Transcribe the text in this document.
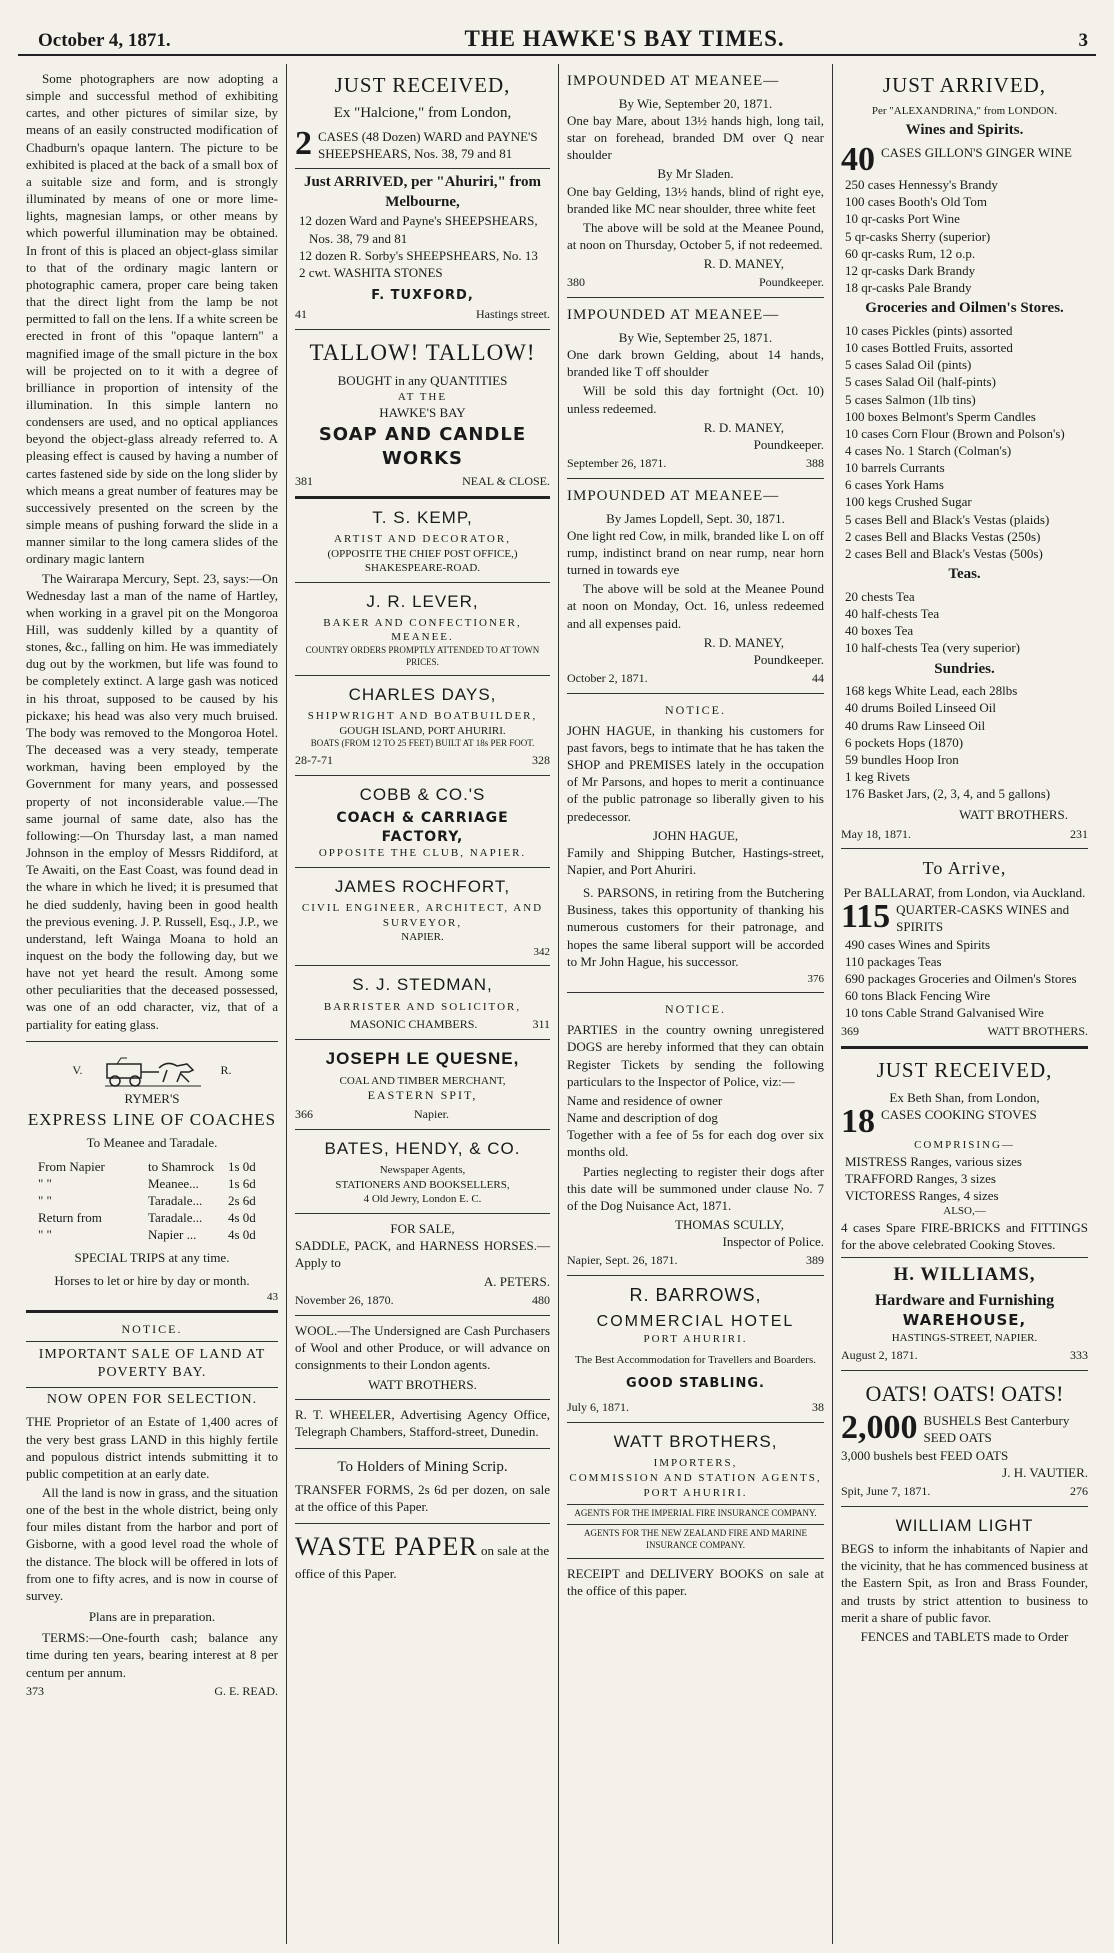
October 4, 1871.	THE HAWKE'S BAY TIMES.	3

Some photographers are now adopting a simple and successful method of exhibiting cartes, and other pictures of similar size, by means of an easily constructed modification of Chadburn's opaque lantern. The picture to be exhibited is placed at the back of a small box of a suitable size and form, and is strongly illuminated by means of one or more lime-lights, magnesian lamps, or other means by which powerful illumination may be obtained. In front of this is placed an object-glass similar to that of the ordinary magic lantern or photographic camera, proper care being taken that the direct light from the lamp be not permitted to fall on the lens. If a white screen be erected in front of this "opaque lantern" a magnified image of the small picture in the box will be projected on to it with a degree of brilliance in proportion of intensity of the illumination. In this simple lantern no condensers are used, and no optical appliances beyond the object-glass already referred to. A pleasing effect is caused by having a number of cartes fastened side by side on the long slider by which means a great number of features may be successively presented on the screen by the simple means of pushing forward the slide in a manner similar to the long camera slides of the ordinary magic lantern

The Wairarapa Mercury, Sept. 23, says:—On Wednesday last a man of the name of Hartley, when working in a gravel pit on the Mongoroa Hill, was suddenly killed by a quantity of stones, &c., falling on him. He was immediately dug out by the workmen, but life was found to be completely extinct. A large gash was noticed in his throat, supposed to be caused by his pickaxe; his head was also very much bruised. The body was removed to the Mongoroa Hotel. The deceased was a very steady, temperate workman, having been employed by the Government for many years, and possessed property of not inconsiderable value.—The same journal of same date, also has the following:—On Thursday last, a man named Johnson in the employ of Messrs Riddiford, at Te Awaiti, on the East Coast, was found dead in the whare in which he lived; it is presumed that he died suddenly, having been in good health the previous evening. J. P. Russell, Esq., J.P., we understand, left Wainga Moana to hold an inquest on the body the following day, but we have not yet heard the result. Among some other peculiarities that the deceased possessed, was one of an odd character, viz, that of a partiality for eating glass.

V.	R.
RYMER'S
EXPRESS LINE OF COACHES
To Meanee and Taradale.
From Napier	to Shamrock	1s 0d
" "	Meanee...	1s 6d
" "	Taradale...	2s 6d
Return from	Taradale...	4s 0d
" "	Napier ...	4s 0d
SPECIAL TRIPS at any time.
Horses to let or hire by day or month.
43
NOTICE.
IMPORTANT SALE OF LAND AT POVERTY BAY.
NOW OPEN FOR SELECTION.

THE Proprietor of an Estate of 1,400 acres of the very best grass LAND in this highly fertile and populous district intends submitting it to public competition at an early date.

All the land is now in grass, and the situation one of the best in the whole district, being only four miles distant from the harbor and port of Gisborne, with a good level road the whole of the distance. The block will be offered in lots of from one to fifty acres, and is now in course of survey.

Plans are in preparation.

TERMS:—One-fourth cash; balance any time during ten years, bearing interest at 8 per centum per annum.

373	G. E. READ.
JUST RECEIVED,
Ex "Halcione," from London,
2 CASES (48 Dozen) WARD and PAYNE'S SHEEPSHEARS, Nos. 38, 79 and 81
Just ARRIVED, per "Ahuriri," from Melbourne,
12 dozen Ward and Payne's SHEEPSHEARS, Nos. 38, 79 and 81
12 dozen R. Sorby's SHEEPSHEARS, No. 13
2 cwt. WASHITA STONES
F. TUXFORD,
41	Hastings street.
TALLOW! TALLOW!
BOUGHT in any QUANTITIES
AT THE
HAWKE'S BAY
SOAP AND CANDLE WORKS
381	NEAL & CLOSE.
T. S. KEMP,
ARTIST AND DECORATOR,
(OPPOSITE THE CHIEF POST OFFICE,)
SHAKESPEARE-ROAD.
J. R. LEVER,
BAKER AND CONFECTIONER,
MEANEE.
COUNTRY ORDERS PROMPTLY ATTENDED TO AT TOWN PRICES.
CHARLES DAYS,
SHIPWRIGHT AND BOATBUILDER,
GOUGH ISLAND, PORT AHURIRI.
BOATS (FROM 12 TO 25 FEET) BUILT AT 18s PER FOOT.
28-7-71	328
COBB & CO.'S
COACH & CARRIAGE FACTORY,
OPPOSITE THE CLUB, NAPIER.
JAMES ROCHFORT,
CIVIL ENGINEER, ARCHITECT, AND
SURVEYOR,
NAPIER.
342
S. J. STEDMAN,
BARRISTER AND SOLICITOR,
MASONIC CHAMBERS.	311
JOSEPH LE QUESNE,
COAL AND TIMBER MERCHANT,
EASTERN SPIT,
366	Napier.
BATES, HENDY, & CO.
Newspaper Agents,
STATIONERS AND BOOKSELLERS,
4 Old Jewry, London E. C.
FOR SALE,

SADDLE, PACK, and HARNESS HORSES.—Apply to

A. PETERS.
November 26, 1870.	480

WOOL.—The Undersigned are Cash Purchasers of Wool and other Produce, or will advance on consignments to their London agents.

WATT BROTHERS.

R. T. WHEELER, Advertising Agency Office, Telegraph Chambers, Stafford-street, Dunedin.

To Holders of Mining Scrip.

TRANSFER FORMS, 2s 6d per dozen, on sale at the office of this Paper.

WASTE PAPER on sale at the office of this Paper.
IMPOUNDED AT MEANEE—
By Wie, September 20, 1871.

One bay Mare, about 13½ hands high, long tail, star on forehead, branded DM over Q near shoulder

By Mr Sladen.

One bay Gelding, 13½ hands, blind of right eye, branded like MC near shoulder, three white feet

The above will be sold at the Meanee Pound, at noon on Thursday, October 5, if not redeemed.

R. D. MANEY,
380	Poundkeeper.
IMPOUNDED AT MEANEE—
By Wie, September 25, 1871.

One dark brown Gelding, about 14 hands, branded like T off shoulder

Will be sold this day fortnight (Oct. 10) unless redeemed.

R. D. MANEY,
Poundkeeper.
September 26, 1871.	388
IMPOUNDED AT MEANEE—
By James Lopdell, Sept. 30, 1871.

One light red Cow, in milk, branded like L on off rump, indistinct brand on near rump, near horn turned in towards eye

The above will be sold at the Meanee Pound at noon on Monday, Oct. 16, unless redeemed and all expenses paid.

R. D. MANEY,
Poundkeeper.
October 2, 1871.	44
NOTICE.

JOHN HAGUE, in thanking his customers for past favors, begs to intimate that he has taken the SHOP and PREMISES lately in the occupation of Mr Parsons, and hopes to merit a continuance of the public patronage so liberally given to his predecessor.

JOHN HAGUE,

Family and Shipping Butcher, Hastings-street, Napier, and Port Ahuriri.

S. PARSONS, in retiring from the Butchering Business, takes this opportunity of thanking his numerous customers for their patronage, and hopes the same liberal support will be accorded to Mr John Hague, his successor.

376
NOTICE.

PARTIES in the country owning unregistered DOGS are hereby informed that they can obtain Register Tickets by sending the following particulars to the Inspector of Police, viz:—

Name and residence of owner
Name and description of dog

Together with a fee of 5s for each dog over six months old.

Parties neglecting to register their dogs after this date will be summoned under clause No. 7 of the Dog Nuisance Act, 1871.

THOMAS SCULLY,
Inspector of Police.
Napier, Sept. 26, 1871.	389
R. BARROWS,
COMMERCIAL HOTEL
PORT AHURIRI.
The Best Accommodation for Travellers and Boarders.
GOOD STABLING.
July 6, 1871.	38
WATT BROTHERS,
IMPORTERS,
COMMISSION AND STATION AGENTS,
PORT AHURIRI.
AGENTS FOR THE IMPERIAL FIRE INSURANCE COMPANY.
AGENTS FOR THE NEW ZEALAND FIRE AND MARINE INSURANCE COMPANY.

RECEIPT and DELIVERY BOOKS on sale at the office of this paper.

JUST ARRIVED,
Per "ALEXANDRINA," from LONDON.
Wines and Spirits.
40 CASES GILLON'S GINGER WINE
250 cases Hennessy's Brandy
100 cases Booth's Old Tom
10 qr-casks Port Wine
5 qr-casks Sherry (superior)
60 qr-casks Rum, 12 o.p.
12 qr-casks Dark Brandy
18 qr-casks Pale Brandy
Groceries and Oilmen's Stores.
10 cases Pickles (pints) assorted
10 cases Bottled Fruits, assorted
5 cases Salad Oil (pints)
5 cases Salad Oil (half-pints)
5 cases Salmon (1lb tins)
100 boxes Belmont's Sperm Candles
10 cases Corn Flour (Brown and Polson's)
4 cases No. 1 Starch (Colman's)
10 barrels Currants
6 cases York Hams
100 kegs Crushed Sugar
5 cases Bell and Black's Vestas (plaids)
2 cases Bell and Blacks Vestas (250s)
2 cases Bell and Black's Vestas (500s)
Teas.
20 chests Tea
40 half-chests Tea
40 boxes Tea
10 half-chests Tea (very superior)
Sundries.
168 kegs White Lead, each 28lbs
40 drums Boiled Linseed Oil
40 drums Raw Linseed Oil
6 pockets Hops (1870)
59 bundles Hoop Iron
1 keg Rivets
176 Basket Jars, (2, 3, 4, and 5 gallons)
WATT BROTHERS.
May 18, 1871.	231
To Arrive,
Per BALLARAT, from London, via Auckland.
115 QUARTER-CASKS WINES and SPIRITS
490 cases Wines and Spirits
110 packages Teas
690 packages Groceries and Oilmen's Stores
60 tons Black Fencing Wire
10 tons Cable Strand Galvanised Wire
369	WATT BROTHERS.
JUST RECEIVED,
Ex Beth Shan, from London,
18 CASES COOKING STOVES
COMPRISING—
MISTRESS Ranges, various sizes
TRAFFORD Ranges, 3 sizes
VICTORESS Ranges, 4 sizes
ALSO,—

4 cases Spare FIRE-BRICKS and FITTINGS for the above celebrated Cooking Stoves.

H. WILLIAMS,
Hardware and Furnishing
WAREHOUSE,
HASTINGS-STREET, NAPIER.
August 2, 1871.	333
OATS! OATS! OATS!
2,000 BUSHELS Best Canterbury SEED OATS
3,000 bushels best FEED OATS
J. H. VAUTIER.
Spit, June 7, 1871.	276
WILLIAM LIGHT

BEGS to inform the inhabitants of Napier and the vicinity, that he has commenced business at the Eastern Spit, as Iron and Brass Founder, and trusts by strict attention to business to merit a share of public favor.

FENCES and TABLETS made to Order
